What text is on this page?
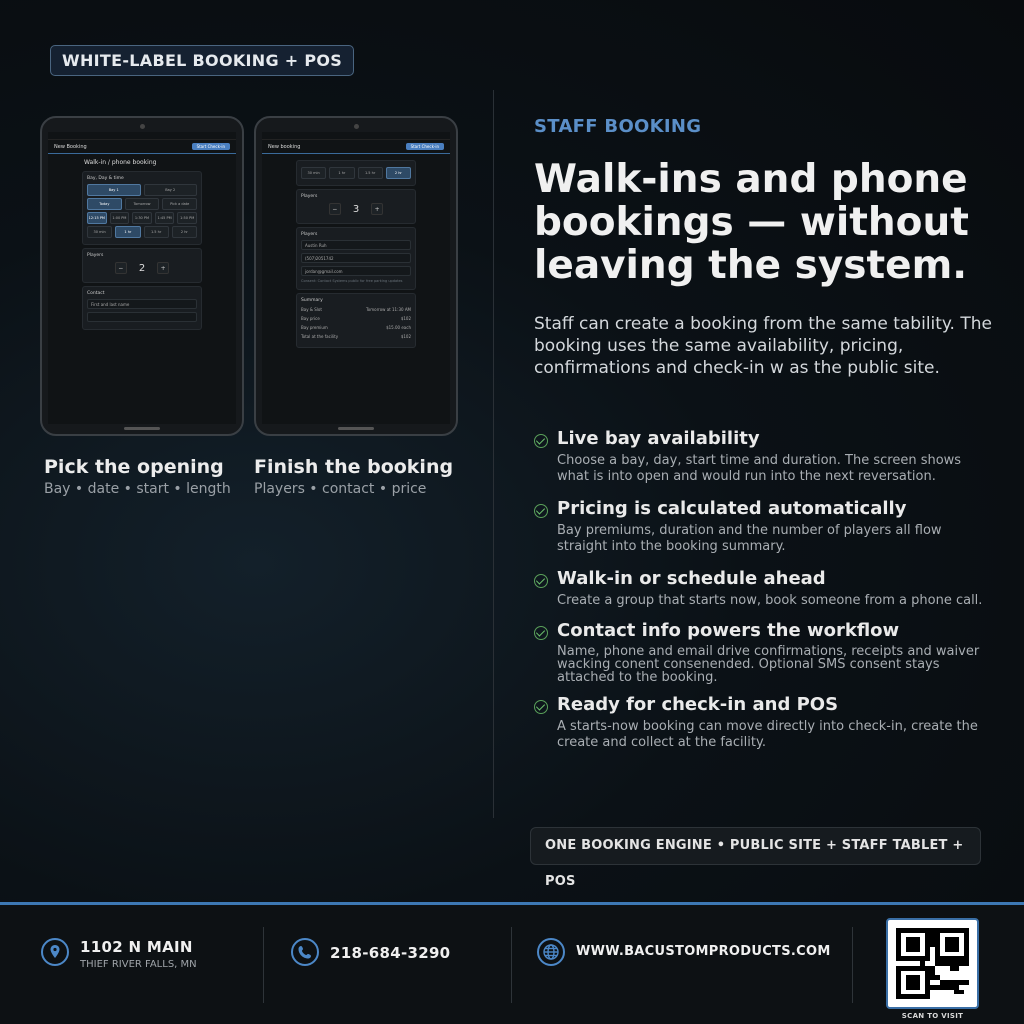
WHITE-LABEL BOOKING + POS
New Booking	Start Check-in
Walk-in / phone booking
Bay, Day & time
Bay 1	Bay 2
Today	Tomorrow	Pick a date
12:15 PM	1:00 PM	1:30 PM	1:45 PM	1:50 PM
30 min	1 hr	1.5 hr	2 hr
Players
−	2	+
Contact
First and last name
New booking	Start Check-in
30 min	1 hr	1.5 hr	2 hr
Players
−	3	+
Players
Austin Ruh
(507)2051742
jordan@gmail.com
Consent: Contact Systems public for free parking updates
Summary
Bay & Slot	Tomorrow at 11:30 AM
Bay price	$102
Bay premium	$15.00 each
Total at the facility	$102
Pick the opening
Bay • date • start • length
Finish the booking
Players • contact • price
STAFF BOOKING
Walk-ins and phone bookings — without leaving the system.
Staff can create a booking from the same tability. The booking uses the same availability, pricing, confirmations and check-in w as the public site.
Live bay availability
Choose a bay, day, start time and duration. The screen shows what is into open and would run into the next reversation.
Pricing is calculated automatically
Bay premiums, duration and the number of players all flow straight into the booking summary.
Walk-in or schedule ahead
Create a group that starts now, book someone from a phone call.
Contact info powers the workflow
Name, phone and email drive confirmations, receipts and waiver wacking conent consenended. Optional SMS consent stays attached to the booking.
Ready for check-in and POS
A starts-now booking can move directly into check-in, create the create and collect at the facility.
ONE BOOKING ENGINE • PUBLIC SITE + STAFF TABLET + POS
1102 N MAIN
THIEF RIVER FALLS, MN
218-684-3290	WWW.BACUSTOMPRODUCTS.COM
SCAN TO VISIT
